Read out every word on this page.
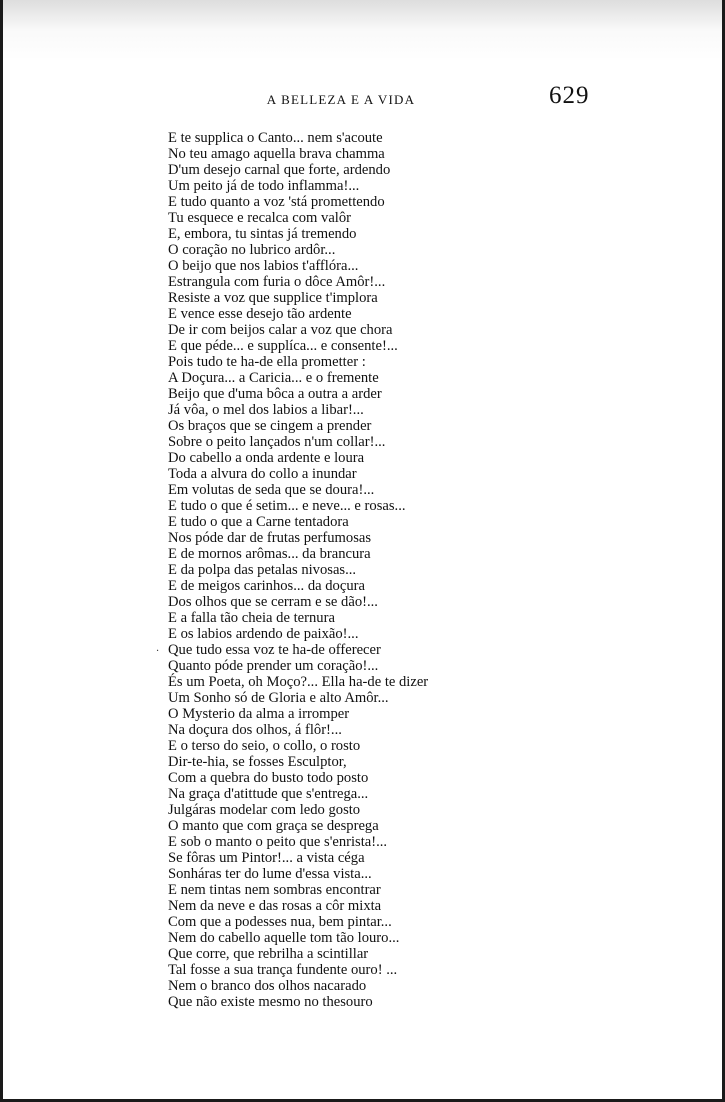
A BELLEZA E A VIDA	629
·
E te supplica o Canto... nem s'acoute
No teu amago aquella brava chamma
D'um desejo carnal que forte, ardendo
Um peito já de todo inflamma!...
E tudo quanto a voz 'stá promettendo
Tu esquece e recalca com valôr
E, embora, tu sintas já tremendo
O coração no lubrico ardôr...
O beijo que nos labios t'afflóra...
Estrangula com furia o dôce Amôr!...
Resiste a voz que supplice t'implora
E vence esse desejo tão ardente
De ir com beijos calar a voz que chora
E que péde... e supplíca... e consente!...
Pois tudo te ha-de ella prometter :
A Doçura... a Caricia... e o fremente
Beijo que d'uma bôca a outra a arder
Já vôa, o mel dos labios a libar!...
Os braços que se cingem a prender
Sobre o peito lançados n'um collar!...
Do cabello a onda ardente e loura
Toda a alvura do collo a inundar
Em volutas de seda que se doura!...
E tudo o que é setim... e neve... e rosas...
E tudo o que a Carne tentadora
Nos póde dar de frutas perfumosas
E de mornos arômas... da brancura
E da polpa das petalas nivosas...
E de meigos carinhos... da doçura
Dos olhos que se cerram e se dão!...
E a falla tão cheia de ternura
E os labios ardendo de paixão!...
Que tudo essa voz te ha-de offerecer
Quanto póde prender um coração!...
És um Poeta, oh Moço?... Ella ha-de te dizer
Um Sonho só de Gloria e alto Amôr...
O Mysterio da alma a irromper
Na doçura dos olhos, á flôr!...
E o terso do seio, o collo, o rosto
Dir-te-hia, se fosses Esculptor,
Com a quebra do busto todo posto
Na graça d'atittude que s'entrega...
Julgáras modelar com ledo gosto
O manto que com graça se desprega
E sob o manto o peito que s'enrista!...
Se fôras um Pintor!... a vista céga
Sonháras ter do lume d'essa vista...
E nem tintas nem sombras encontrar
Nem da neve e das rosas a côr mixta
Com que a podesses nua, bem pintar...
Nem do cabello aquelle tom tão louro...
Que corre, que rebrilha a scintillar
Tal fosse a sua trança fundente ouro! ...
Nem o branco dos olhos nacarado
Que não existe mesmo no thesouro
